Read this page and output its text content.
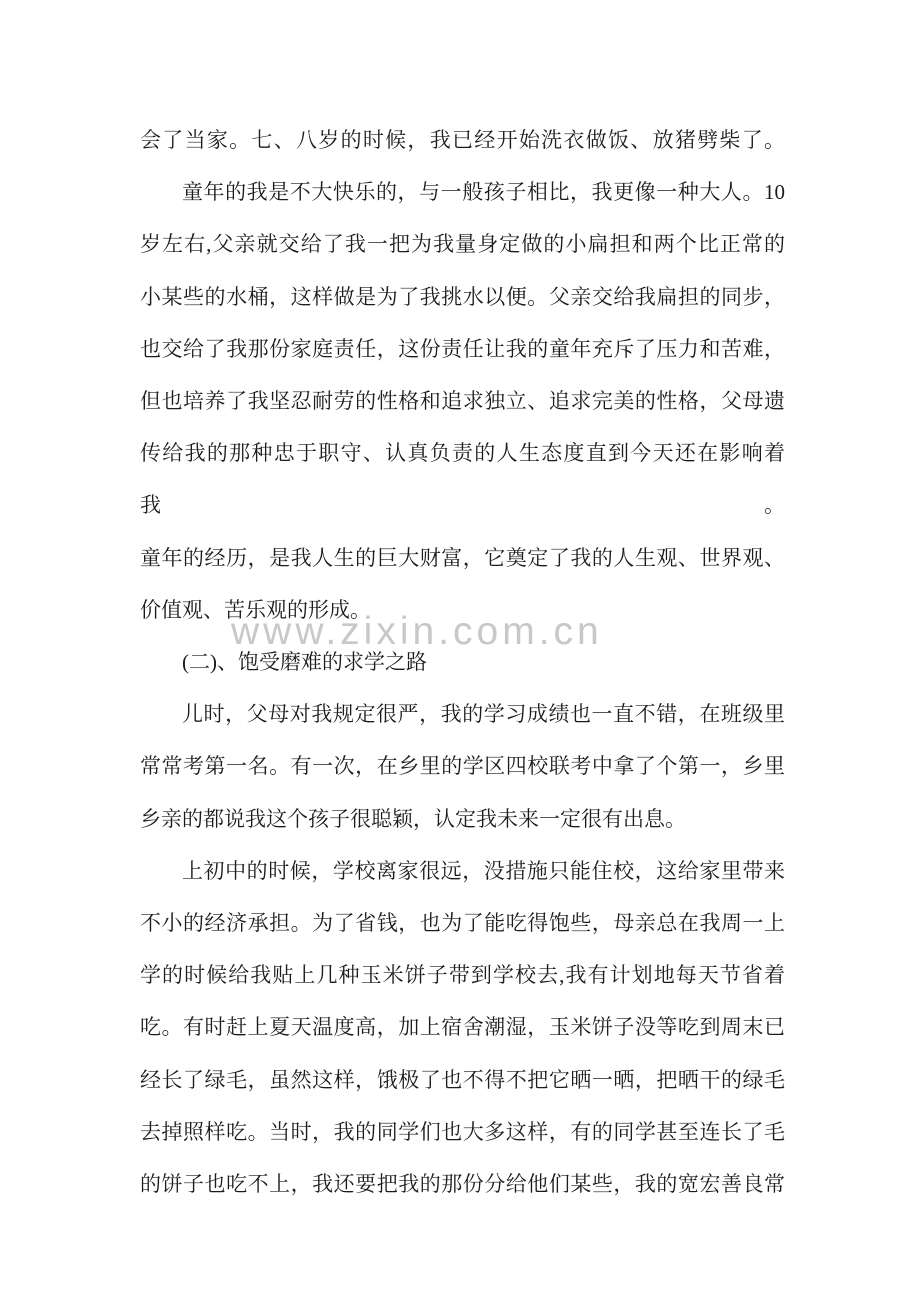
www.zixin.com.cn
会了当家。七、八岁的时候，我已经开始洗衣做饭、放猪劈柴了。
童年的我是不大快乐的，与一般孩子相比，我更像一种大人。10
岁左右,父亲就交给了我一把为我量身定做的小扁担和两个比正常的
小某些的水桶，这样做是为了我挑水以便。父亲交给我扁担的同步，
也交给了我那份家庭责任，这份责任让我的童年充斥了压力和苦难，
但也培养了我坚忍耐劳的性格和追求独立、追求完美的性格，父母遗
传给我的那种忠于职守、认真负责的人生态度直到今天还在影响着我。
童年的经历，是我人生的巨大财富，它奠定了我的人生观、世界观、
价值观、苦乐观的形成。
(二)、饱受磨难的求学之路
儿时，父母对我规定很严，我的学习成绩也一直不错，在班级里
常常考第一名。有一次，在乡里的学区四校联考中拿了个第一，乡里
乡亲的都说我这个孩子很聪颖，认定我未来一定很有出息。
上初中的时候，学校离家很远，没措施只能住校，这给家里带来
不小的经济承担。为了省钱，也为了能吃得饱些，母亲总在我周一上
学的时候给我贴上几种玉米饼子带到学校去,我有计划地每天节省着
吃。有时赶上夏天温度高，加上宿舍潮湿，玉米饼子没等吃到周末已
经长了绿毛，虽然这样，饿极了也不得不把它晒一晒，把晒干的绿毛
去掉照样吃。当时，我的同学们也大多这样，有的同学甚至连长了毛
的饼子也吃不上，我还要把我的那份分给他们某些，我的宽宏善良常
